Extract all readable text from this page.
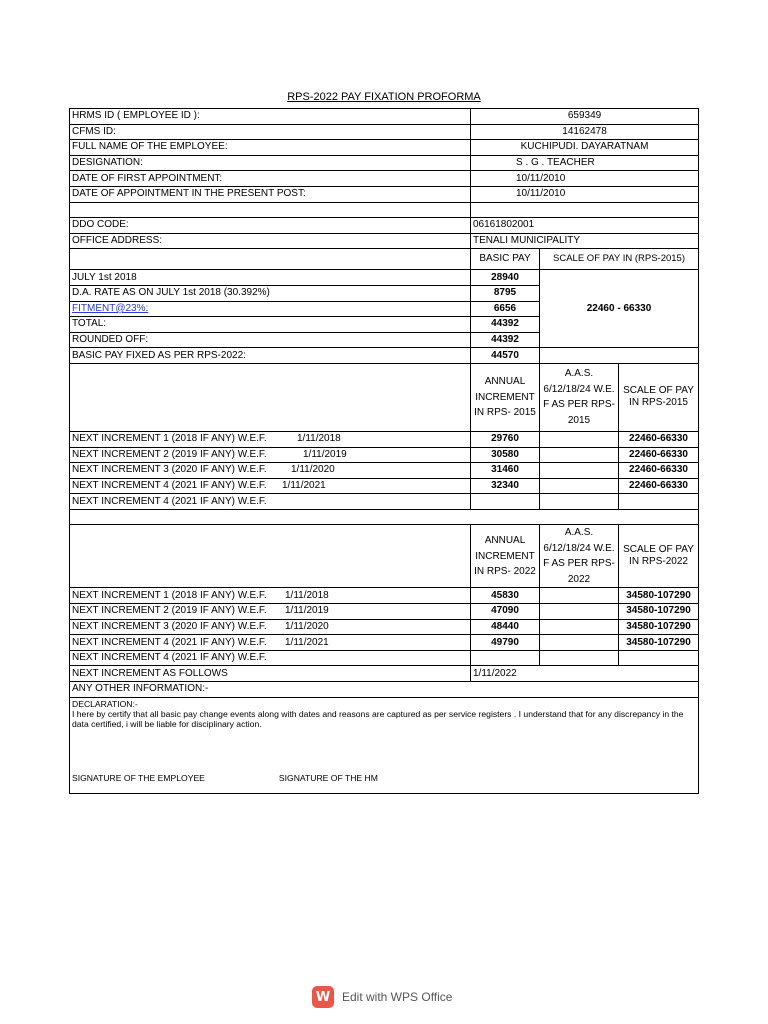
RPS-2022 PAY FIXATION PROFORMA
HRMS ID ( EMPLOYEE ID ):	659349		
CFMS ID:	14162478		
FULL NAME OF THE EMPLOYEE:	KUCHIPUDI. DAYARATNAM		
DESIGNATION:	S . G . TEACHER		
DATE OF FIRST APPOINTMENT:	10/11/2010		
DATE OF APPOINTMENT IN THE PRESENT POST:	10/11/2010		

DDO CODE:	06161802001		
OFFICE ADDRESS:	TENALI MUNICIPALITY		
	BASIC PAY	SCALE OF PAY IN (RPS-2015)	
JULY 1st 2018	28940	22460 - 66330	
D.A. RATE AS ON JULY 1st 2018 (30.392%)	8795		
FITMENT@23%:	6656		
TOTAL:	44392		
ROUNDED OFF:	44392		
BASIC PAY FIXED AS PER RPS-2022:	44570		
	ANNUAL INCREMENT IN RPS- 2015	A.A.S. 6/12/18/24 W.E. F AS PER RPS-2015	SCALE OF PAY IN RPS-2015
NEXT INCREMENT 1 (2018 IF ANY) W.E.F. 1/11/2018	29760		22460-66330
NEXT INCREMENT 2 (2019 IF ANY) W.E.F. 1/11/2019	30580		22460-66330
NEXT INCREMENT 3 (2020 IF ANY) W.E.F. 1/11/2020	31460		22460-66330
NEXT INCREMENT 4 (2021 IF ANY) W.E.F. 1/11/2021	32340		22460-66330
NEXT INCREMENT 4 (2021 IF ANY) W.E.F.			

	ANNUAL INCREMENT IN RPS- 2022	A.A.S. 6/12/18/24 W.E. F AS PER RPS-2022	SCALE OF PAY IN RPS-2022
NEXT INCREMENT 1 (2018 IF ANY) W.E.F. 1/11/2018	45830		34580-107290
NEXT INCREMENT 2 (2019 IF ANY) W.E.F. 1/11/2019	47090		34580-107290
NEXT INCREMENT 3 (2020 IF ANY) W.E.F. 1/11/2020	48440		34580-107290
NEXT INCREMENT 4 (2021 IF ANY) W.E.F. 1/11/2021	49790		34580-107290
NEXT INCREMENT 4 (2021 IF ANY) W.E.F.			
NEXT INCREMENT AS FOLLOWS	1/11/2022		
ANY OTHER INFORMATION:-			

DECLARATION:-
I here by certify that all basic pay change events along with dates and reasons are captured as per service registers . I understand that for any discrepancy in the data certified, i will be liable for disciplinary action.
SIGNATURE OF THE EMPLOYEE SIGNATURE OF THE HM			
W Edit with WPS Office
